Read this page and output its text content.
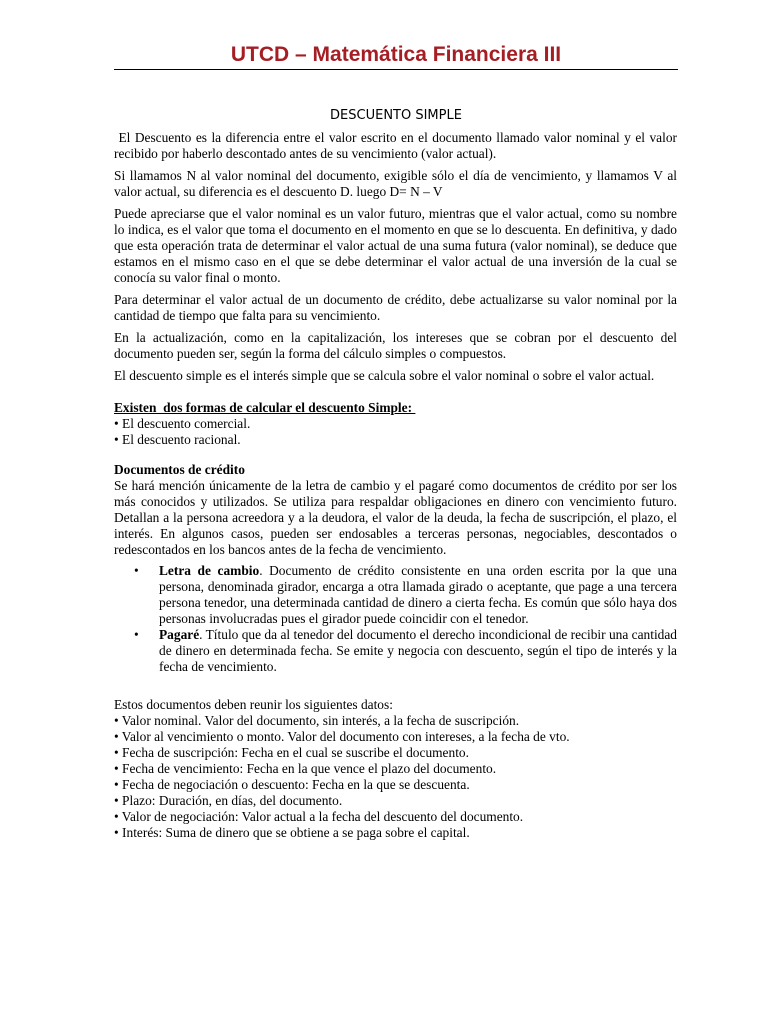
UTCD – Matemática Financiera III
DESCUENTO SIMPLE

El Descuento es la diferencia entre el valor escrito en el documento llamado valor nominal y el valor recibido por haberlo descontado antes de su vencimiento (valor actual).

Si llamamos N al valor nominal del documento, exigible sólo el día de vencimiento, y llamamos V al valor actual, su diferencia es el descuento D. luego D= N – V

Puede apreciarse que el valor nominal es un valor futuro, mientras que el valor actual, como su nombre lo indica, es el valor que toma el documento en el momento en que se lo descuenta. En definitiva, y dado que esta operación trata de determinar el valor actual de una suma futura (valor nominal), se deduce que estamos en el mismo caso en el que se debe determinar el valor actual de una inversión de la cual se conocía su valor final o monto.

Para determinar el valor actual de un documento de crédito, debe actualizarse su valor nominal por la cantidad de tiempo que falta para su vencimiento.

En la actualización, como en la capitalización, los intereses que se cobran por el descuento del documento pueden ser, según la forma del cálculo simples o compuestos.

El descuento simple es el interés simple que se calcula sobre el valor nominal o sobre el valor actual.

Existen  dos formas de calcular el descuento Simple:
• El descuento comercial.
• El descuento racional.
Documentos de crédito

Se hará mención únicamente de la letra de cambio y el pagaré como documentos de crédito por ser los más conocidos y utilizados. Se utiliza para respaldar obligaciones en dinero con vencimiento futuro. Detallan a la persona acreedora y a la deudora, el valor de la deuda, la fecha de suscripción, el plazo, el interés. En algunos casos, pueden ser endosables a terceras personas, negociables, descontados o redescontados en los bancos antes de la fecha de vencimiento.

• Letra de cambio. Documento de crédito consistente en una orden escrita por la que una persona, denominada girador, encarga a otra llamada girado o aceptante, que page a una tercera persona tenedor, una determinada cantidad de dinero a cierta fecha. Es común que sólo haya dos personas involucradas pues el girador puede coincidir con el tenedor.
• Pagaré. Título que da al tenedor del documento el derecho incondicional de recibir una cantidad de dinero en determinada fecha. Se emite y negocia con descuento, según el tipo de interés y la fecha de vencimiento.
Estos documentos deben reunir los siguientes datos:
• Valor nominal. Valor del documento, sin interés, a la fecha de suscripción.
• Valor al vencimiento o monto. Valor del documento con intereses, a la fecha de vto.
• Fecha de suscripción: Fecha en el cual se suscribe el documento.
• Fecha de vencimiento: Fecha en la que vence el plazo del documento.
• Fecha de negociación o descuento: Fecha en la que se descuenta.
• Plazo: Duración, en días, del documento.
• Valor de negociación: Valor actual a la fecha del descuento del documento.
• Interés: Suma de dinero que se obtiene a se paga sobre el capital.
